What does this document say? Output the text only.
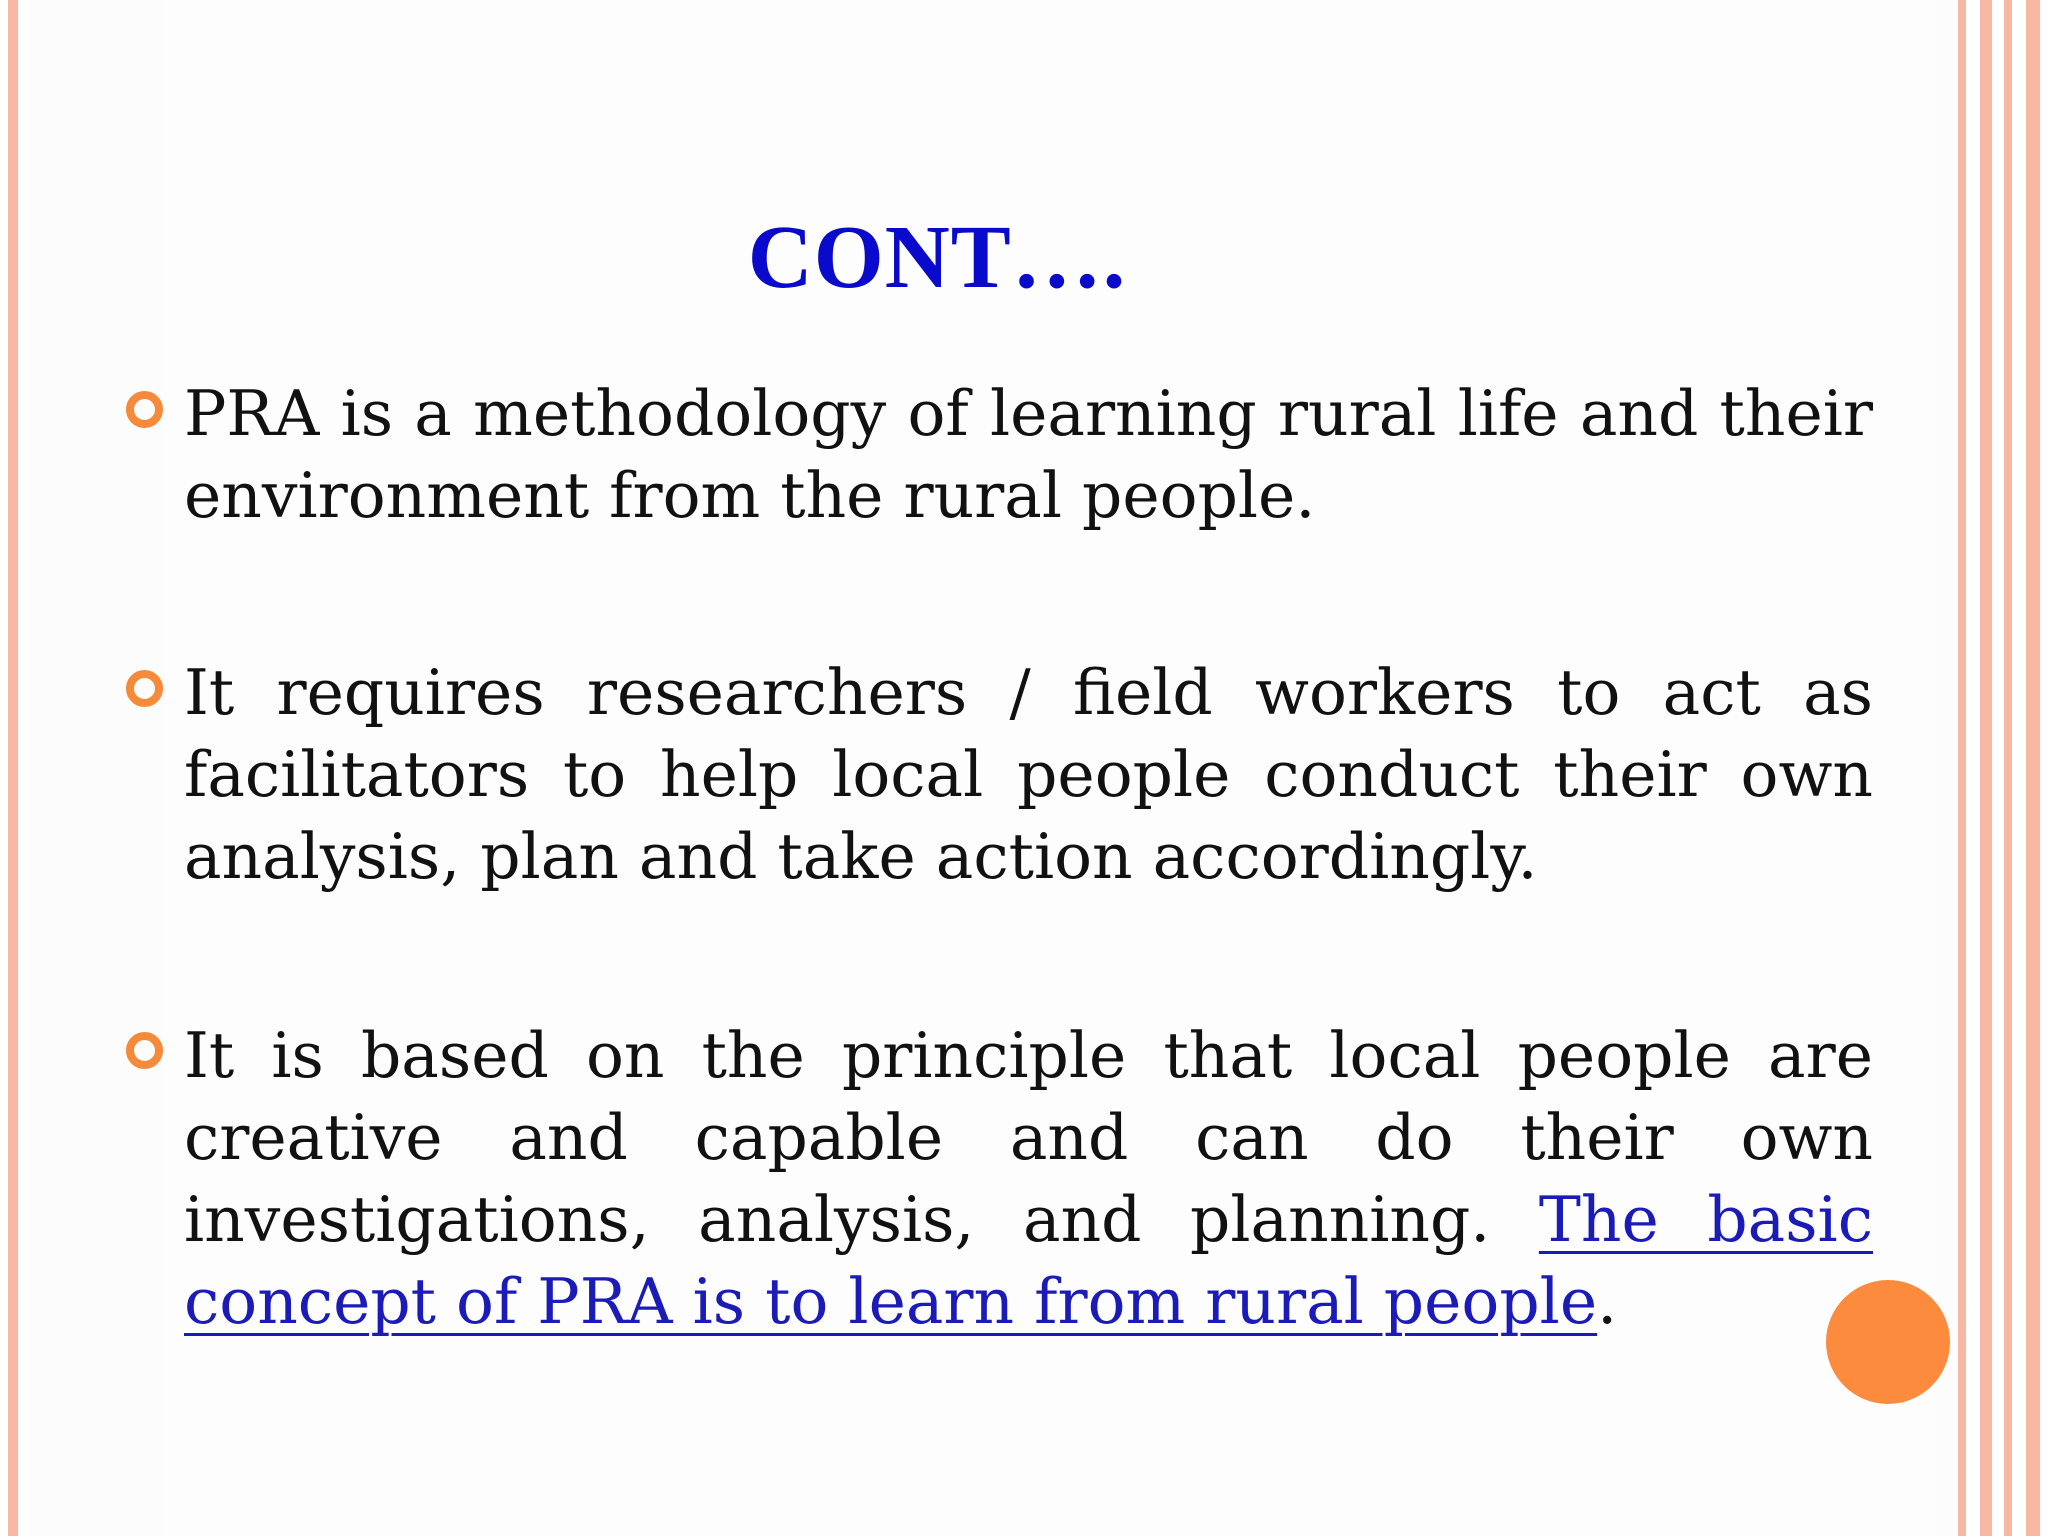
CONT….
PRA is a methodology of learning rural life and their environment from the rural people.
It requires researchers / field workers to act as facilitators to help local people conduct their own analysis, plan and take action accordingly.
It is based on the principle that local people are creative and capable and can do their own investigations, analysis, and planning. The basic concept of PRA is to learn from rural people.
